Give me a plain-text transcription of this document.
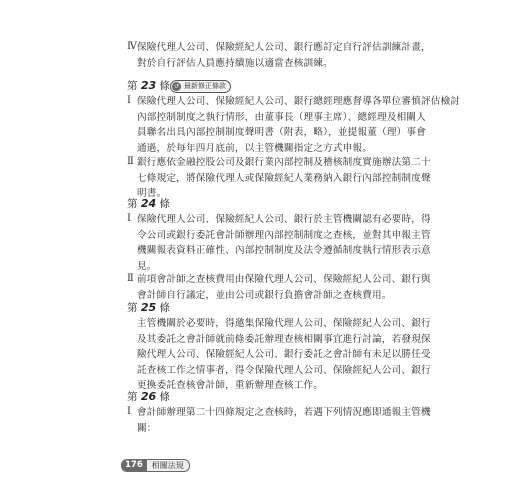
Ⅳ 保險代理人公司、保險經紀人公司、銀行應訂定自行評估訓練計畫，
對於自行評估人員應持續施以適當查核訓練。
第 23 條 ↺ 最新修正條款
Ⅰ 保險代理人公司、保險經紀人公司、銀行總經理應督導各單位審慎評估檢討
內部控制制度之執行情形，由董事長（理事主席）、總經理及相關人
員聯名出具內部控制制度聲明書（附表，略），並提報董（理）事會
通過，於每年四月底前，以主管機關指定之方式申報。
Ⅱ 銀行應依金融控股公司及銀行業內部控制及稽核制度實施辦法第二十
七條規定，將保險代理人或保險經紀人業務納入銀行內部控制制度聲
明書。
第 24 條
Ⅰ 保險代理人公司、保險經紀人公司、銀行於主管機關認有必要時，得
令公司或銀行委託會計師辦理內部控制制度之查核，並對其申報主管
機關報表資料正確性、內部控制制度及法令遵循制度執行情形表示意
見。
Ⅱ 前項會計師之查核費用由保險代理人公司、保險經紀人公司、銀行與
會計師自行議定，並由公司或銀行負擔會計師之查核費用。
第 25 條
主管機關於必要時，得邀集保險代理人公司、保險經紀人公司、銀行
及其委託之會計師就前條委託辦理查核相關事宜進行討論，若發現保
險代理人公司、保險經紀人公司、銀行委託之會計師有未足以勝任受
託查核工作之情事者，得令保險代理人公司、保險經紀人公司、銀行
更換委託查核會計師，重新辦理查核工作。
第 26 條
Ⅰ 會計師辦理第二十四條規定之查核時，若遇下列情況應即通報主管機
關：
176	相關法規
